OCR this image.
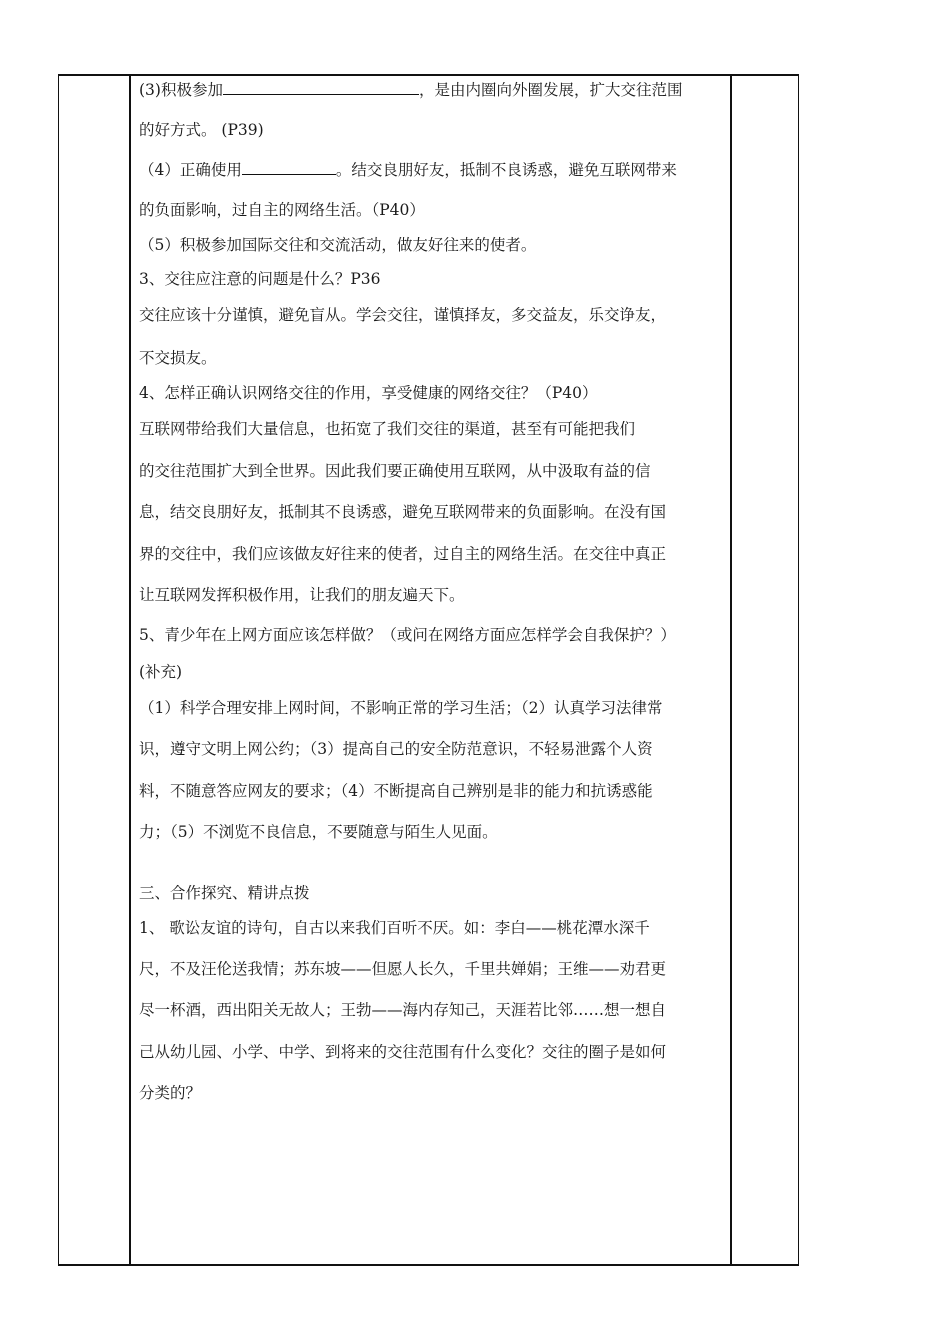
(3)积极参加	，是由内圈向外圈发展，扩大交往范围
的好方式。 (P39)
（4）正确使用	。结交良朋好友，抵制不良诱惑，避免互联网带来
的负面影响，过自主的网络生活。（P40）
（5）积极参加国际交往和交流活动，做友好往来的使者。
3、交往应注意的问题是什么？P36
交往应该十分谨慎，避免盲从。学会交往，谨慎择友，多交益友，乐交诤友，
不交损友。
4、怎样正确认识网络交往的作用，享受健康的网络交往？（P40）
互联网带给我们大量信息，也拓宽了我们交往的渠道，甚至有可能把我们
的交往范围扩大到全世界。因此我们要正确使用互联网，从中汲取有益的信
息，结交良朋好友，抵制其不良诱惑，避免互联网带来的负面影响。在没有国
界的交往中，我们应该做友好往来的使者，过自主的网络生活。在交往中真正
让互联网发挥积极作用，让我们的朋友遍天下。
5、青少年在上网方面应该怎样做？（或问在网络方面应怎样学会自我保护？）
(补充)
（1）科学合理安排上网时间，不影响正常的学习生活；（2）认真学习法律常
识，遵守文明上网公约；（3）提高自己的安全防范意识，不轻易泄露个人资
料，不随意答应网友的要求；（4）不断提高自己辨别是非的能力和抗诱惑能
力；（5）不浏览不良信息，不要随意与陌生人见面。
三、合作探究、精讲点拨
1、 歌讼友谊的诗句，自古以来我们百听不厌。如：李白——桃花潭水深千
尺，不及汪伦送我情；苏东坡——但愿人长久，千里共婵娟；王维——劝君更
尽一杯酒，西出阳关无故人；王勃——海内存知己，天涯若比邻……想一想自
己从幼儿园、小学、中学、到将来的交往范围有什么变化？交往的圈子是如何
分类的？
